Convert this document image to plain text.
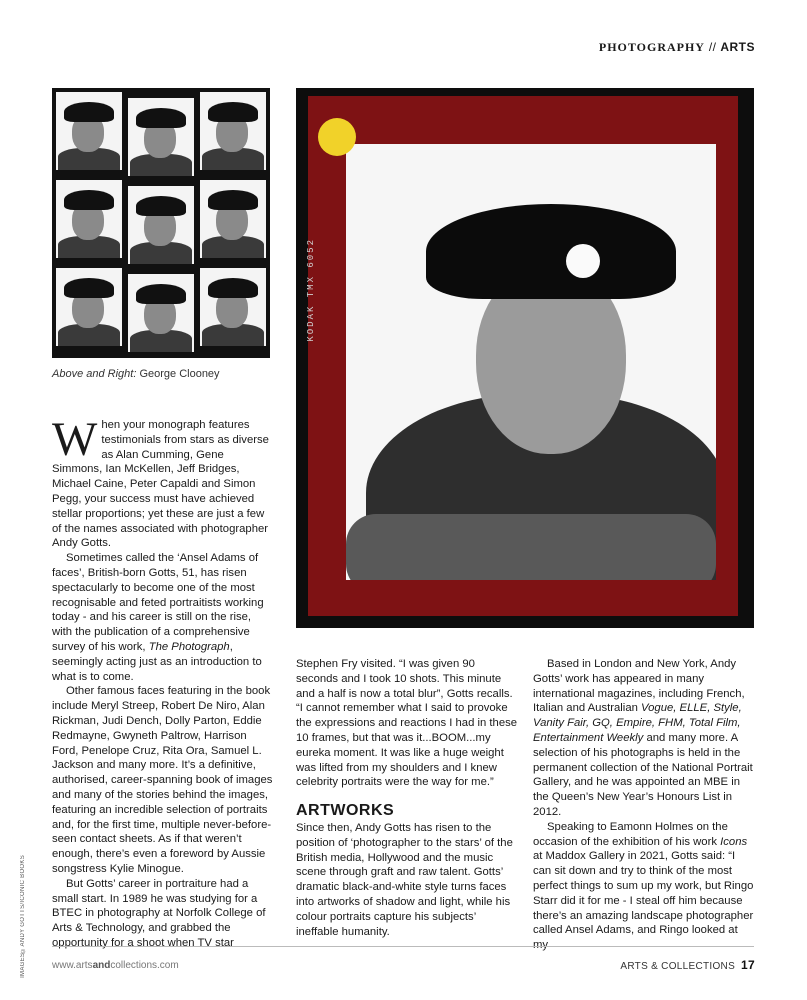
PHOTOGRAPHY // ARTS
Above and Right: George Clooney
KODAK TMX 6052

When your monograph features testimonials from stars as diverse as Alan Cumming, Gene Simmons, Ian McKellen, Jeff Bridges, Michael Caine, Peter Capaldi and Simon Pegg, your success must have achieved stellar proportions; yet these are just a few of the names associated with photographer Andy Gotts.

Sometimes called the ‘Ansel Adams of faces’, British-born Gotts, 51, has risen spectacularly to become one of the most recognisable and feted portraitists working today - and his career is still on the rise, with the publication of a comprehensive survey of his work, The Photograph, seemingly acting just as an introduction to what is to come.

Other famous faces featuring in the book include Meryl Streep, Robert De Niro, Alan Rickman, Judi Dench, Dolly Parton, Eddie Redmayne, Gwyneth Paltrow, Harrison Ford, Penelope Cruz, Rita Ora, Samuel L. Jackson and many more. It’s a definitive, authorised, career-spanning book of images and many of the stories behind the images, featuring an incredible selection of portraits and, for the first time, multiple never-before-seen contact sheets. As if that weren’t enough, there’s even a foreword by Aussie songstress Kylie Minogue.

But Gotts’ career in portraiture had a small start. In 1989 he was studying for a BTEC in photography at Norfolk College of Arts & Technology, and grabbed the opportunity for a shoot when TV star

Stephen Fry visited. “I was given 90 seconds and I took 10 shots. This minute and a half is now a total blur”, Gotts recalls. “I cannot remember what I said to provoke the expressions and reactions I had in these 10 frames, but that was it...BOOM...my eureka moment. It was like a huge weight was lifted from my shoulders and I knew celebrity portraits were the way for me.”

ARTWORKS

Since then, Andy Gotts has risen to the position of ‘photographer to the stars’ of the British media, Hollywood and the music scene through graft and raw talent. Gotts’ dramatic black-and-white style turns faces into artworks of shadow and light, while his colour portraits capture his subjects’ ineffable humanity.

Based in London and New York, Andy Gotts’ work has appeared in many international magazines, including French, Italian and Australian Vogue, ELLE, Style, Vanity Fair, GQ, Empire, FHM, Total Film, Entertainment Weekly and many more. A selection of his photographs is held in the permanent collection of the National Portrait Gallery, and he was appointed an MBE in the Queen’s New Year’s Honours List in 2012.

Speaking to Eamonn Holmes on the occasion of the exhibition of his work Icons at Maddox Gallery in 2021, Gotts said: “I can sit down and try to think of the most perfect things to sum up my work, but Ringo Starr did it for me - I steal off him because there’s an amazing landscape photographer called Ansel Adams, and Ringo looked at my

IMAGES©ANDY GOTTS/ICONIC BOOKS	www.artsandcollections.com	ARTS & COLLECTIONS 17
